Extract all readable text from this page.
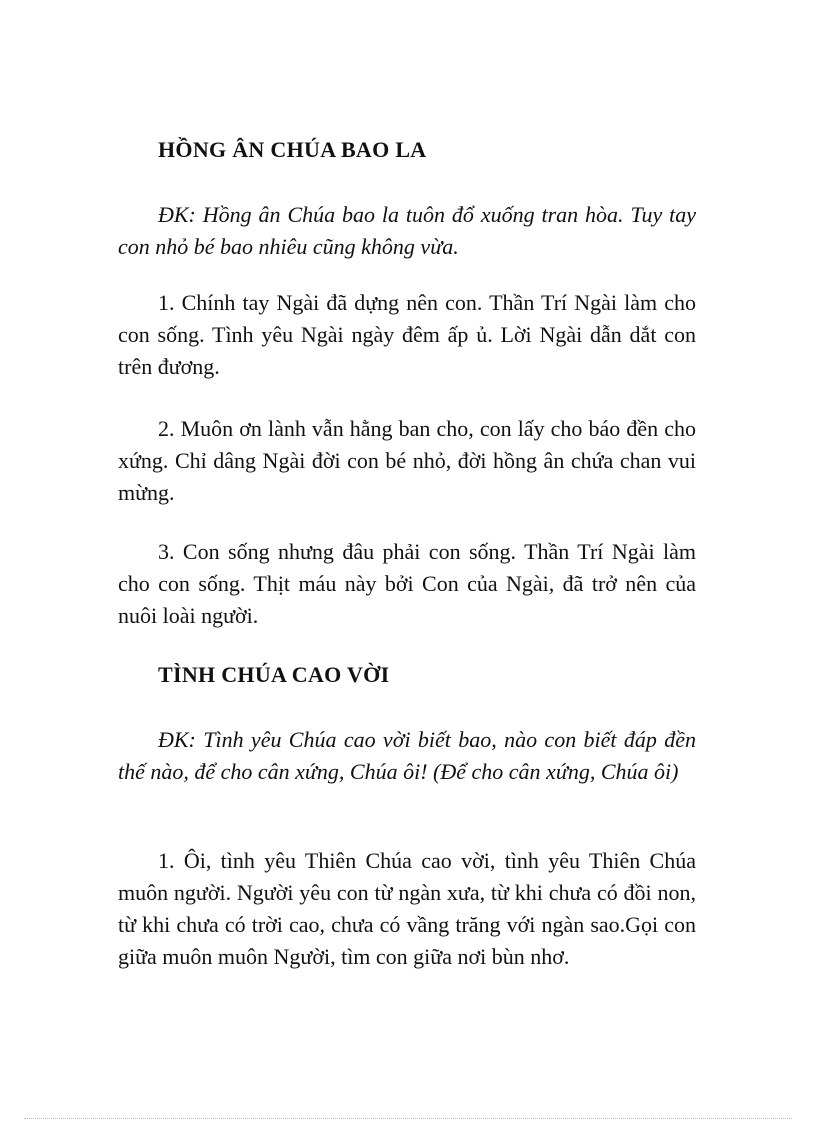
HỒNG ÂN CHÚA BAO LA

ĐK: Hồng ân Chúa bao la tuôn đổ xuống tran hòa. Tuy tay con nhỏ bé bao nhiêu cũng không vừa.

1. Chính tay Ngài đã dựng nên con. Thần Trí Ngài làm cho con sống. Tình yêu Ngài ngày đêm ấp ủ. Lời Ngài dẫn dắt con trên đương.

2. Muôn ơn lành vẫn hằng ban cho, con lấy cho báo đền cho xứng. Chỉ dâng Ngài đời con bé nhỏ, đời hồng ân chứa chan vui mừng.

3. Con sống nhưng đâu phải con sống. Thần Trí Ngài làm cho con sống. Thịt máu này bởi Con của Ngài, đã trở nên của nuôi loài người.

TÌNH CHÚA CAO VỜI

ĐK: Tình yêu Chúa cao vời biết bao, nào con biết đáp đền thế nào, để cho cân xứng, Chúa ôi! (Để cho cân xứng, Chúa ôi)

1. Ôi, tình yêu Thiên Chúa cao vời, tình yêu Thiên Chúa muôn người. Người yêu con từ ngàn xưa, từ khi chưa có đồi non, từ khi chưa có trời cao, chưa có vầng trăng với ngàn sao.Gọi con giữa muôn muôn Người, tìm con giữa nơi bùn nhơ.
